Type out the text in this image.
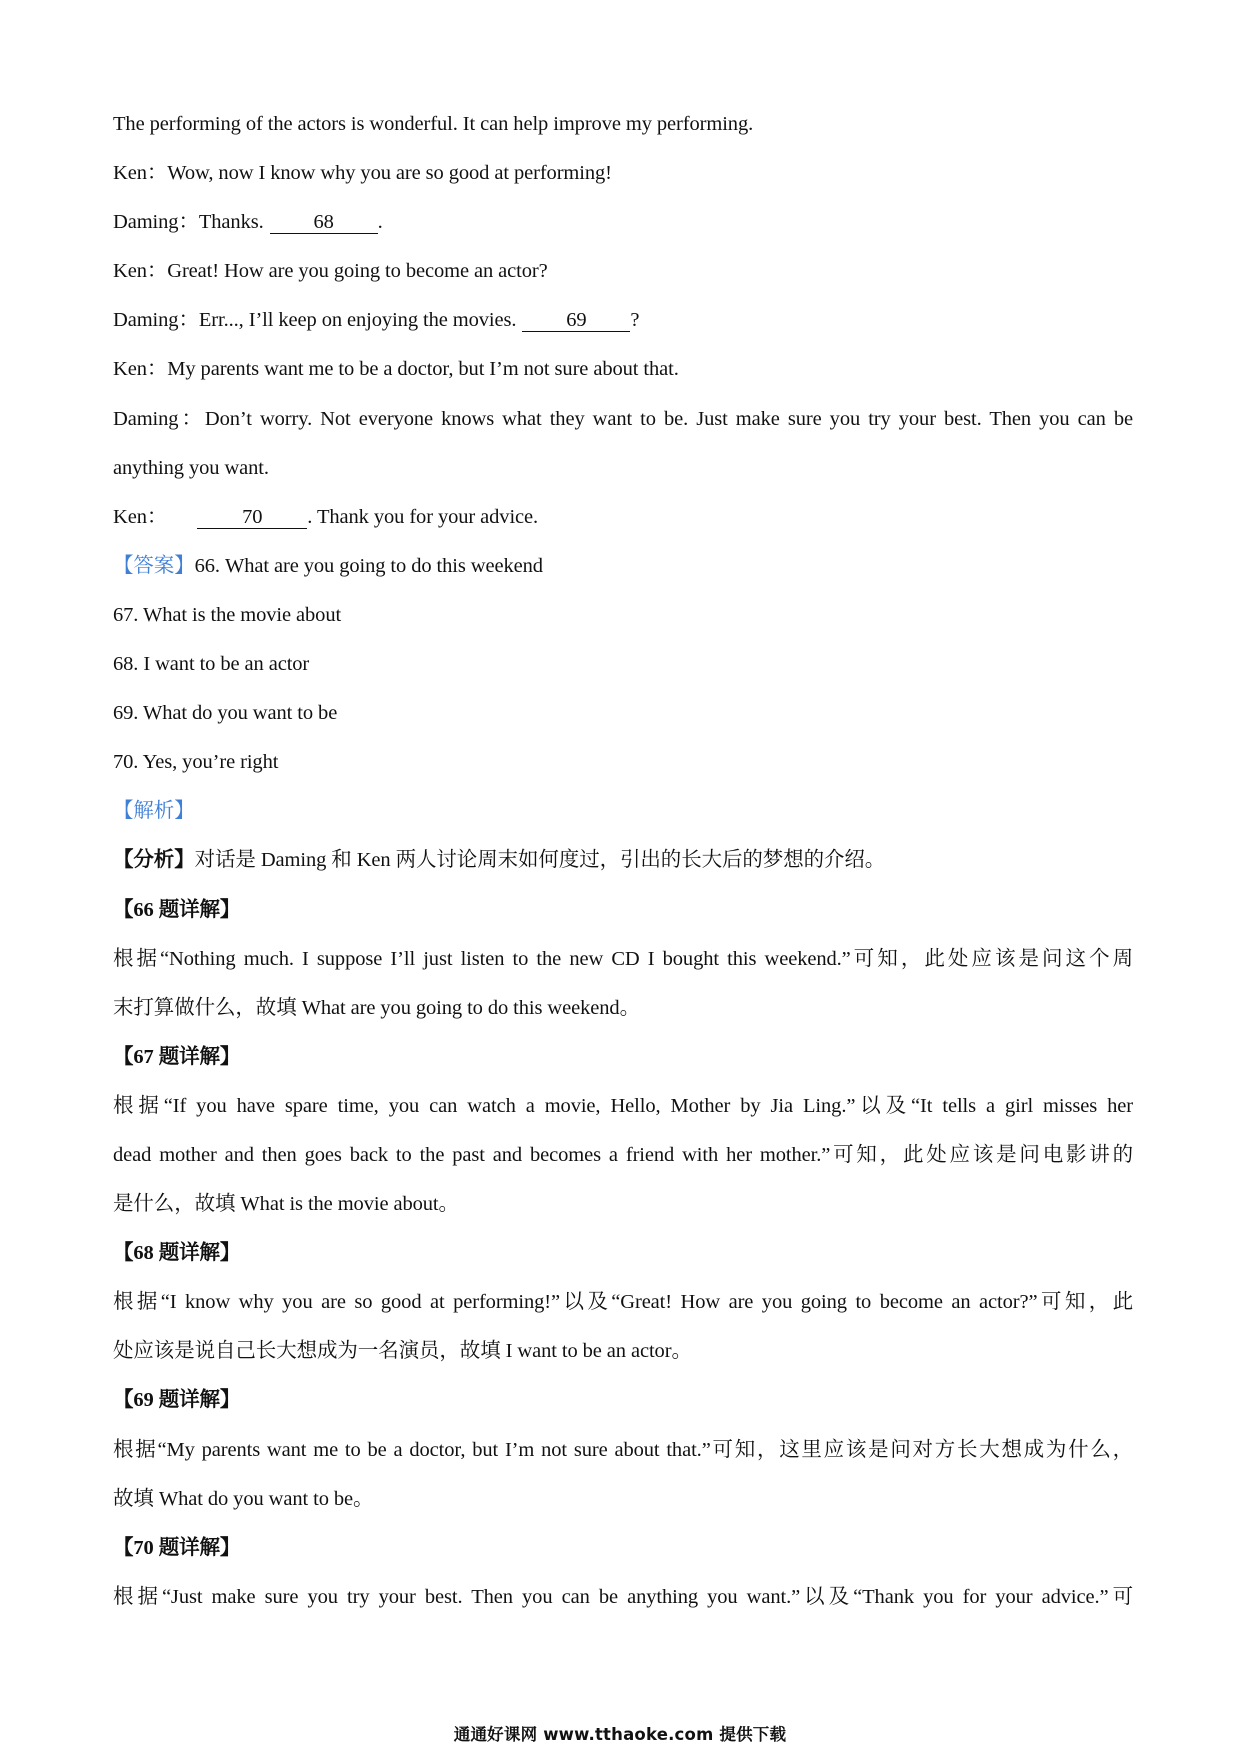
The performing of the actors is wonderful. It can help improve my performing.
Ken：Wow, now I know why you are so good at performing!
Daming：Thanks. 68 .
Ken：Great! How are you going to become an actor?
Daming：Err..., I’ll keep on enjoying the movies. 69 ?
Ken：My parents want me to be a doctor, but I’m not sure about that.
Daming：Don’t worry. Not everyone knows what they want to be. Just make sure you try your best. Then you can be
anything you want.
Ken：	70 . Thank you for your advice.
【答案】66. What are you going to do this weekend
67. What is the movie about
68. I want to be an actor
69. What do you want to be
70. Yes, you’re right
【解析】
【分析】对话是 Daming 和 Ken 两人讨论周末如何度过，引出的长大后的梦想的介绍。
【66 题详解】
根据“Nothing much. I suppose I’ll just listen to the new CD I bought this weekend.”可知，此处应该是问这个周
末打算做什么，故填 What are you going to do this weekend。
【67 题详解】
根据“If you have spare time, you can watch a movie, Hello, Mother by Jia Ling.”以及“It tells a girl misses her
dead mother and then goes back to the past and becomes a friend with her mother.”可知，此处应该是问电影讲的
是什么，故填 What is the movie about。
【68 题详解】
根据“I know why you are so good at performing!”以及“Great! How are you going to become an actor?”可知，此
处应该是说自己长大想成为一名演员，故填 I want to be an actor。
【69 题详解】
根据“My parents want me to be a doctor, but I’m not sure about that.”可知，这里应该是问对方长大想成为什么，
故填 What do you want to be。
【70 题详解】
根据“Just make sure you try your best. Then you can be anything you want.”以及“Thank you for your advice.”可
通通好课网 www.tthaoke.com 提供下载
